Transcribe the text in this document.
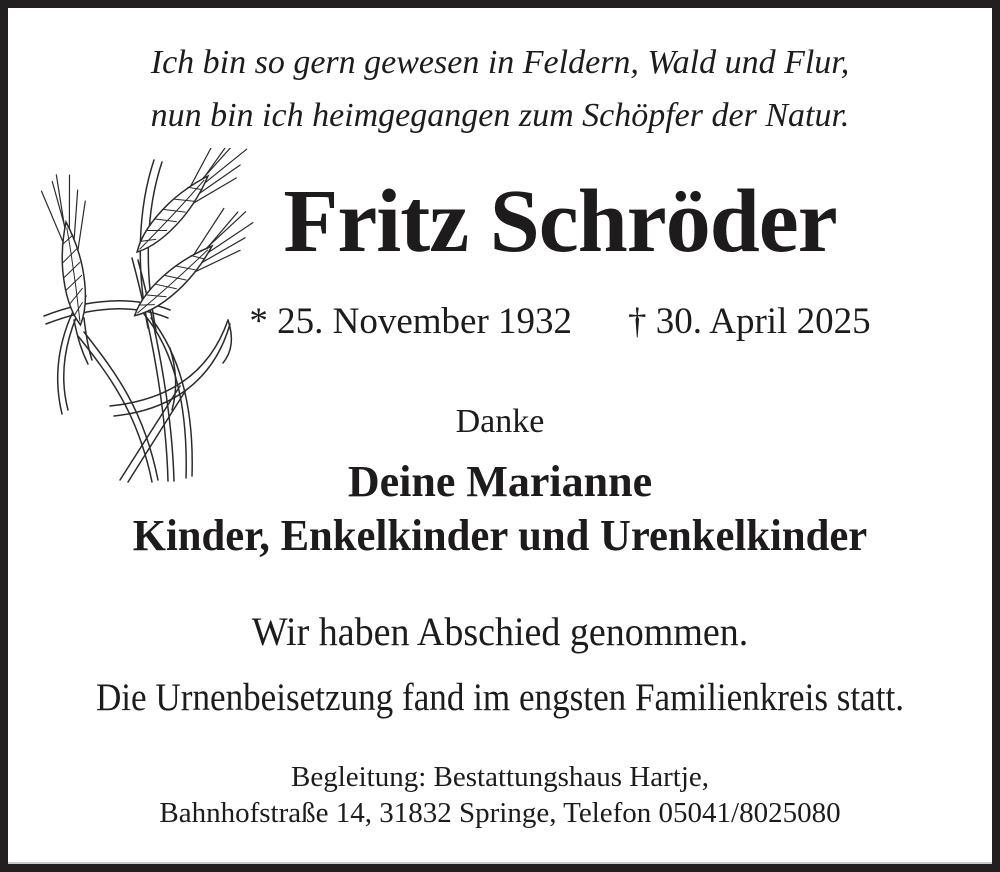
Ich bin so gern gewesen in Feldern, Wald und Flur,
nun bin ich heimgegangen zum Schöpfer der Natur.
Fritz Schröder
* 25. November 1932 † 30. April 2025
Danke
Deine Marianne
Kinder, Enkelkinder und Urenkelkinder
Wir haben Abschied genommen.
Die Urnenbeisetzung fand im engsten Familienkreis statt.
Begleitung: Bestattungshaus Hartje,
Bahnhofstraße 14, 31832 Springe, Telefon 05041/8025080
